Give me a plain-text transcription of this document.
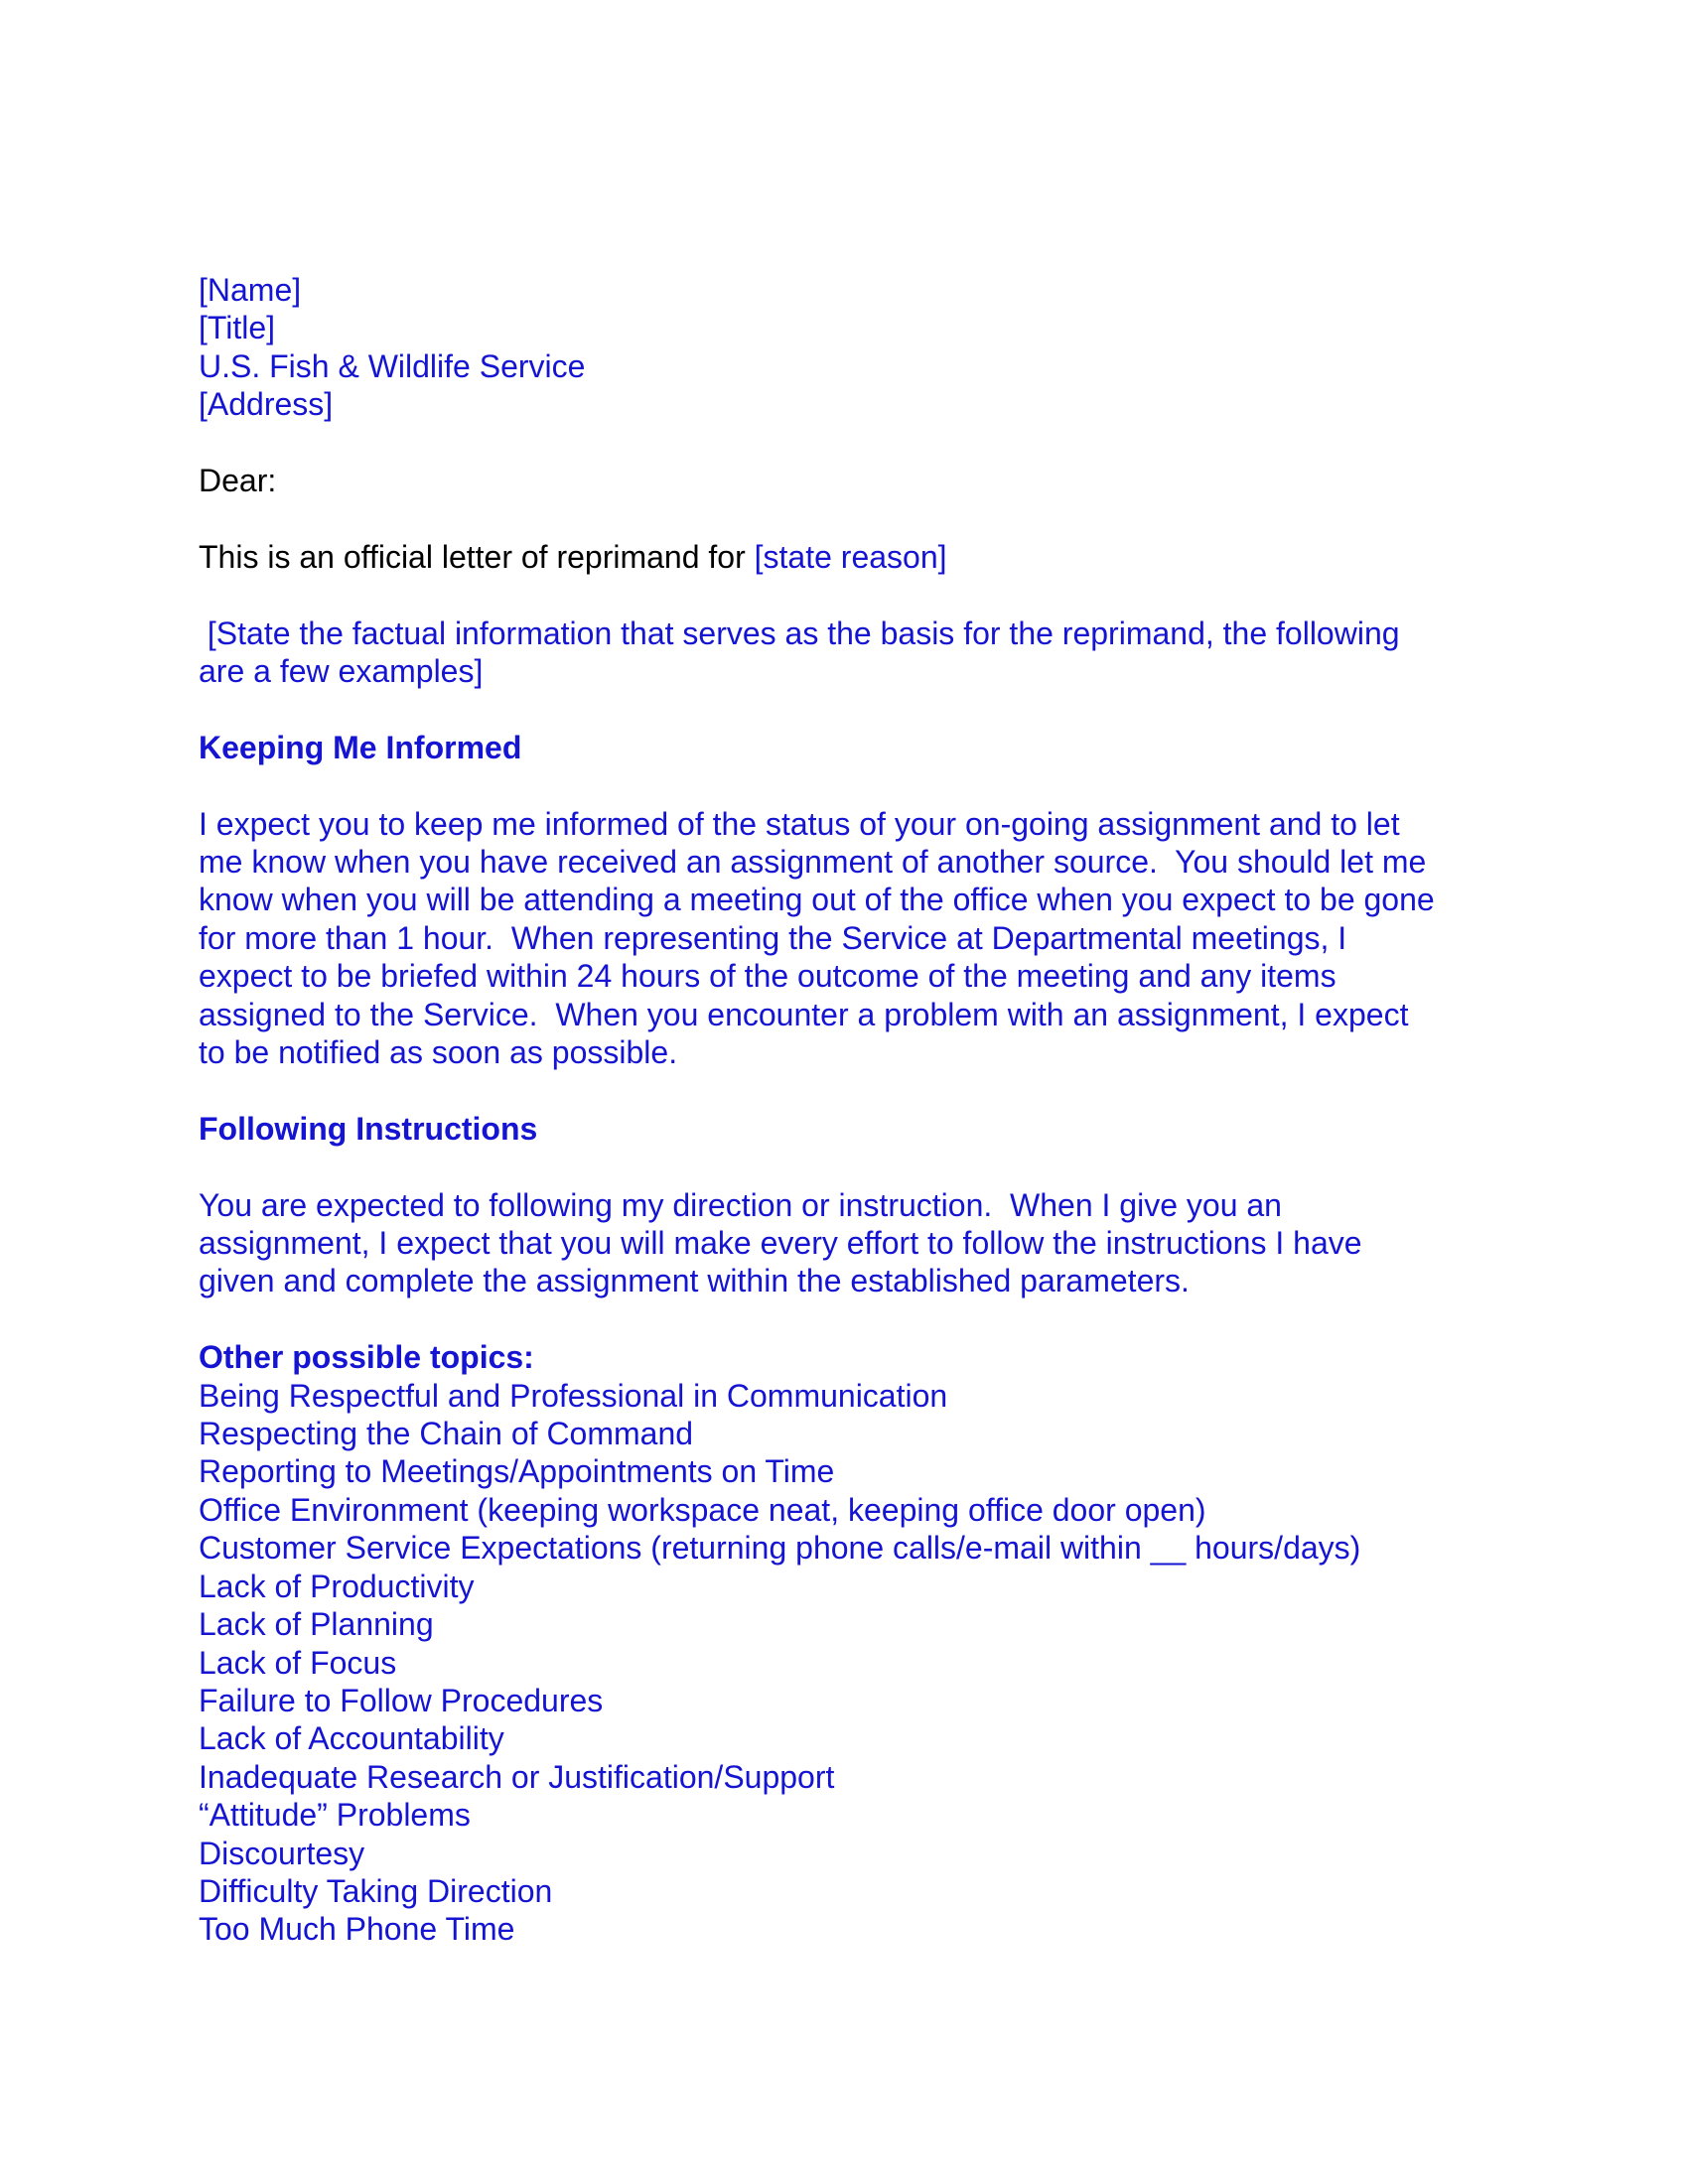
[Name]
[Title]
U.S. Fish & Wildlife Service
[Address]
Dear:
This is an official letter of reprimand for [state reason]
[State the factual information that serves as the basis for the reprimand, the following
are a few examples]
Keeping Me Informed
I expect you to keep me informed of the status of your on-going assignment and to let
me know when you have received an assignment of another source.  You should let me
know when you will be attending a meeting out of the office when you expect to be gone
for more than 1 hour.  When representing the Service at Departmental meetings, I
expect to be briefed within 24 hours of the outcome of the meeting and any items
assigned to the Service.  When you encounter a problem with an assignment, I expect
to be notified as soon as possible.
Following Instructions
You are expected to following my direction or instruction.  When I give you an
assignment, I expect that you will make every effort to follow the instructions I have
given and complete the assignment within the established parameters.
Other possible topics:
Being Respectful and Professional in Communication
Respecting the Chain of Command
Reporting to Meetings/Appointments on Time
Office Environment (keeping workspace neat, keeping office door open)
Customer Service Expectations (returning phone calls/e-mail within __ hours/days)
Lack of Productivity
Lack of Planning
Lack of Focus
Failure to Follow Procedures
Lack of Accountability
Inadequate Research or Justification/Support
“Attitude” Problems
Discourtesy
Difficulty Taking Direction
Too Much Phone Time
